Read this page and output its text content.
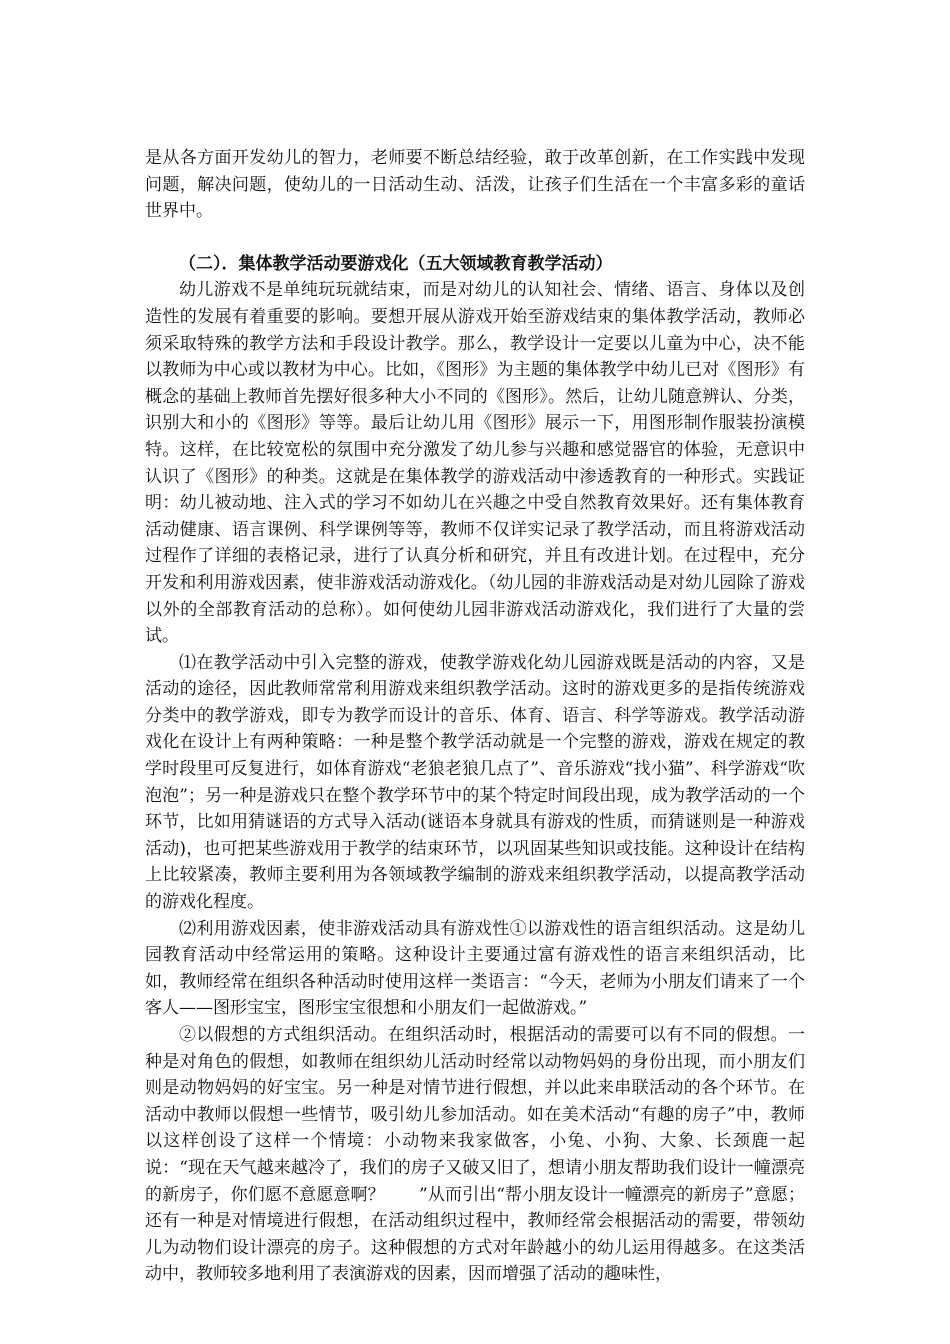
是从各方面开发幼儿的智力，老师要不断总结经验，敢于改革创新，在工作实践中发现问题，解决问题，使幼儿的一日活动生动、活泼，让孩子们生活在一个丰富多彩的童话世界中。

（二）．集体教学活动要游戏化（五大领域教育教学活动）

幼儿游戏不是单纯玩玩就结束，而是对幼儿的认知社会、情绪、语言、身体以及创造性的发展有着重要的影响。要想开展从游戏开始至游戏结束的集体教学活动，教师必须采取特殊的教学方法和手段设计教学。那么，教学设计一定要以儿童为中心，决不能以教师为中心或以教材为中心。比如，《图形》为主题的集体教学中幼儿已对《图形》有概念的基础上教师首先摆好很多种大小不同的《图形》。然后，让幼儿随意辨认、分类，识别大和小的《图形》等等。最后让幼儿用《图形》展示一下，用图形制作服装扮演模特。这样，在比较宽松的氛围中充分激发了幼儿参与兴趣和感觉器官的体验，无意识中认识了《图形》的种类。这就是在集体教学的游戏活动中渗透教育的一种形式。实践证明：幼儿被动地、注入式的学习不如幼儿在兴趣之中受自然教育效果好。还有集体教育活动健康、语言课例、科学课例等等，教师不仅详实记录了教学活动，而且将游戏活动过程作了详细的表格记录，进行了认真分析和研究，并且有改进计划。在过程中，充分开发和利用游戏因素，使非游戏活动游戏化。（幼儿园的非游戏活动是对幼儿园除了游戏以外的全部教育活动的总称）。如何使幼儿园非游戏活动游戏化，我们进行了大量的尝试。

⑴在教学活动中引入完整的游戏，使教学游戏化幼儿园游戏既是活动的内容，又是活动的途径，因此教师常常利用游戏来组织教学活动。这时的游戏更多的是指传统游戏分类中的教学游戏，即专为教学而设计的音乐、体育、语言、科学等游戏。教学活动游戏化在设计上有两种策略：一种是整个教学活动就是一个完整的游戏，游戏在规定的教学时段里可反复进行，如体育游戏“老狼老狼几点了”、音乐游戏“找小猫”、科学游戏“吹泡泡”；另一种是游戏只在整个教学环节中的某个特定时间段出现，成为教学活动的一个环节，比如用猜谜语的方式导入活动(谜语本身就具有游戏的性质，而猜谜则是一种游戏活动)，也可把某些游戏用于教学的结束环节，以巩固某些知识或技能。这种设计在结构上比较紧凑，教师主要利用为各领域教学编制的游戏来组织教学活动，以提高教学活动的游戏化程度。

⑵利用游戏因素，使非游戏活动具有游戏性①以游戏性的语言组织活动。这是幼儿园教育活动中经常运用的策略。这种设计主要通过富有游戏性的语言来组织活动，比如，教师经常在组织各种活动时使用这样一类语言：“今天，老师为小朋友们请来了一个客人——图形宝宝，图形宝宝很想和小朋友们一起做游戏。”

②以假想的方式组织活动。在组织活动时，根据活动的需要可以有不同的假想。一种是对角色的假想，如教师在组织幼儿活动时经常以动物妈妈的身份出现，而小朋友们则是动物妈妈的好宝宝。另一种是对情节进行假想，并以此来串联活动的各个环节。在活动中教师以假想一些情节，吸引幼儿参加活动。如在美术活动“有趣的房子”中，教师以这样创设了这样一个情境：小动物来我家做客，小兔、小狗、大象、长颈鹿一起说：“现在天气越来越冷了，我们的房子又破又旧了，想请小朋友帮助我们设计一幢漂亮的新房子，你们愿不意愿意啊？　　”从而引出“帮小朋友设计一幢漂亮的新房子”意愿；还有一种是对情境进行假想，在活动组织过程中，教师经常会根据活动的需要，带领幼儿为动物们设计漂亮的房子。这种假想的方式对年龄越小的幼儿运用得越多。在这类活动中，教师较多地利用了表演游戏的因素，因而增强了活动的趣味性，
